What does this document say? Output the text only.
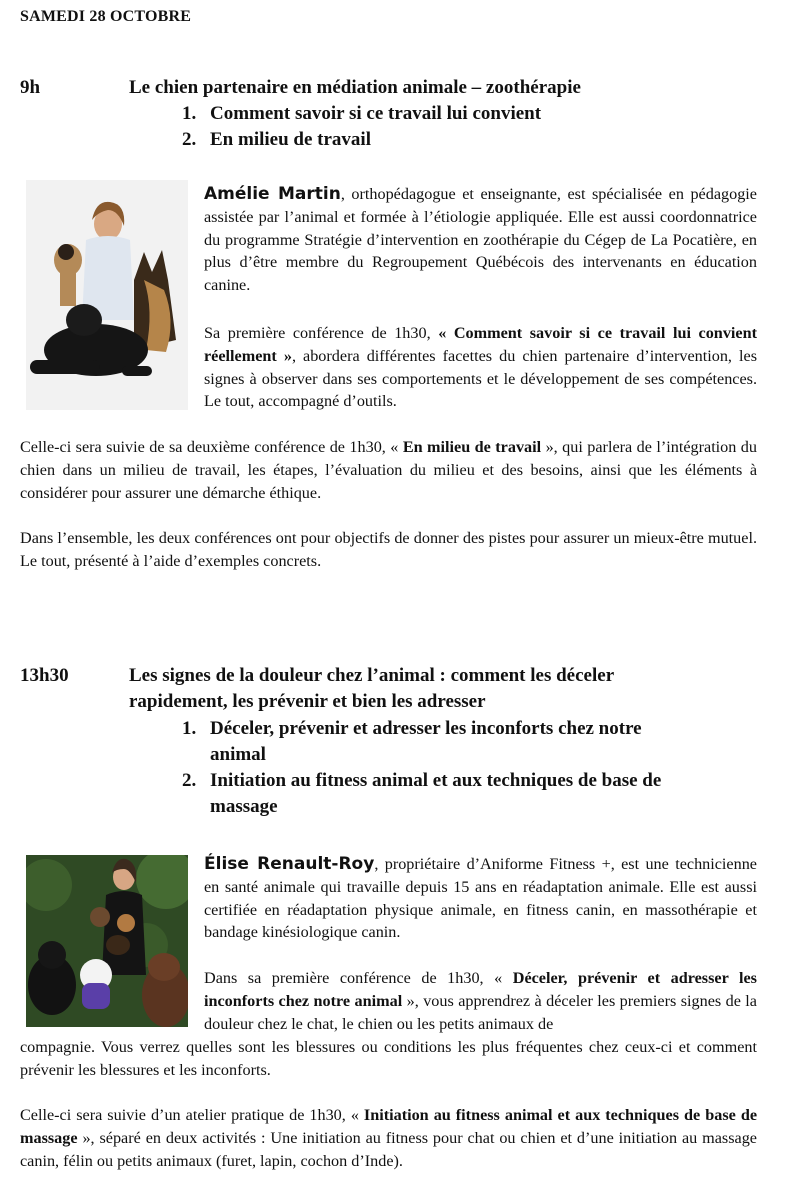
SAMEDI 28 OCTOBRE
9h	Le chien partenaire en médiation animale – zoothérapie
1. Comment savoir si ce travail lui convient
2. En milieu de travail

Amélie Martin, orthopédagogue et enseignante, est spécialisée en pédagogie assistée par l’animal et formée à l’étiologie appliquée. Elle est aussi coordonnatrice du programme Stratégie d’intervention en zoothérapie du Cégep de La Pocatière, en plus d’être membre du Regroupement Québécois des intervenants en éducation canine.

Sa première conférence de 1h30, « Comment savoir si ce travail lui convient réellement », abordera différentes facettes du chien partenaire d’intervention, les signes à observer dans ses comportements et le développement de ses compétences. Le tout, accompagné d’outils.

Celle-ci sera suivie de sa deuxième conférence de 1h30, « En milieu de travail », qui parlera de l’intégration du chien dans un milieu de travail, les étapes, l’évaluation du milieu et des besoins, ainsi que les éléments à considérer pour assurer une démarche éthique.

Dans l’ensemble, les deux conférences ont pour objectifs de donner des pistes pour assurer un mieux-être mutuel. Le tout, présenté à l’aide d’exemples concrets.

13h30	Les signes de la douleur chez l’animal : comment les déceler
rapidement, les prévenir et bien les adresser
1. Déceler, prévenir et adresser les inconforts chez notre
animal
2. Initiation au fitness animal et aux techniques de base de
massage

Élise Renault-Roy, propriétaire d’Aniforme Fitness +, est une technicienne en santé animale qui travaille depuis 15 ans en réadaptation animale. Elle est aussi certifiée en réadaptation physique animale, en fitness canin, en massothérapie et bandage kinésiologique canin.

Dans sa première conférence de 1h30, « Déceler, prévenir et adresser les inconforts chez notre animal », vous apprendrez à déceler les premiers signes de la douleur chez le chat, le chien ou les petits animaux de

compagnie. Vous verrez quelles sont les blessures ou conditions les plus fréquentes chez ceux-ci et comment prévenir les blessures et les inconforts.

Celle-ci sera suivie d’un atelier pratique de 1h30, « Initiation au fitness animal et aux techniques de base de massage », séparé en deux activités : Une initiation au fitness pour chat ou chien et d’une initiation au massage canin, félin ou petits animaux (furet, lapin, cochon d’Inde).
